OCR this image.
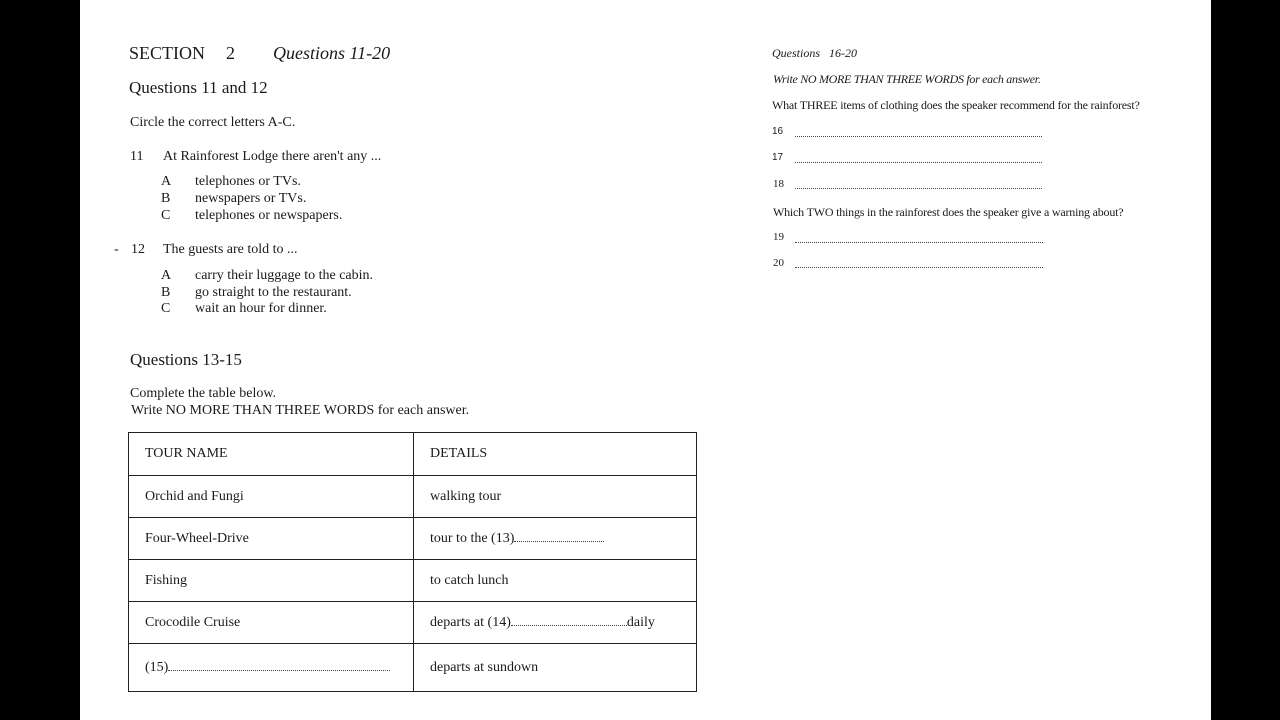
SECTION 2 Questions 11-20
Questions 11 and 12
Circle the correct letters A-C.
11 At Rainforest Lodge there aren't any ...
A telephones or TVs.
B newspapers or TVs.
C telephones or newspapers.
- 12 The guests are told to ...
A carry their luggage to the cabin.
B go straight to the restaurant.
C wait an hour for dinner.
Questions 13-15
Complete the table below.
Write NO MORE THAN THREE WORDS for each answer.
TOUR NAME	DETAILS
Orchid and Fungi	walking tour
Four-Wheel-Drive	tour to the (13)
Fishing	to catch lunch
Crocodile Cruise	departs at (14) daily
(15)	departs at sundown
Questions   16-20
Write NO MORE THAN THREE WORDS for each answer.
What THREE items of clothing does the speaker recommend for the rainforest?
16
17
18
Which TWO things in the rainforest does the speaker give a warning about?
19
20
